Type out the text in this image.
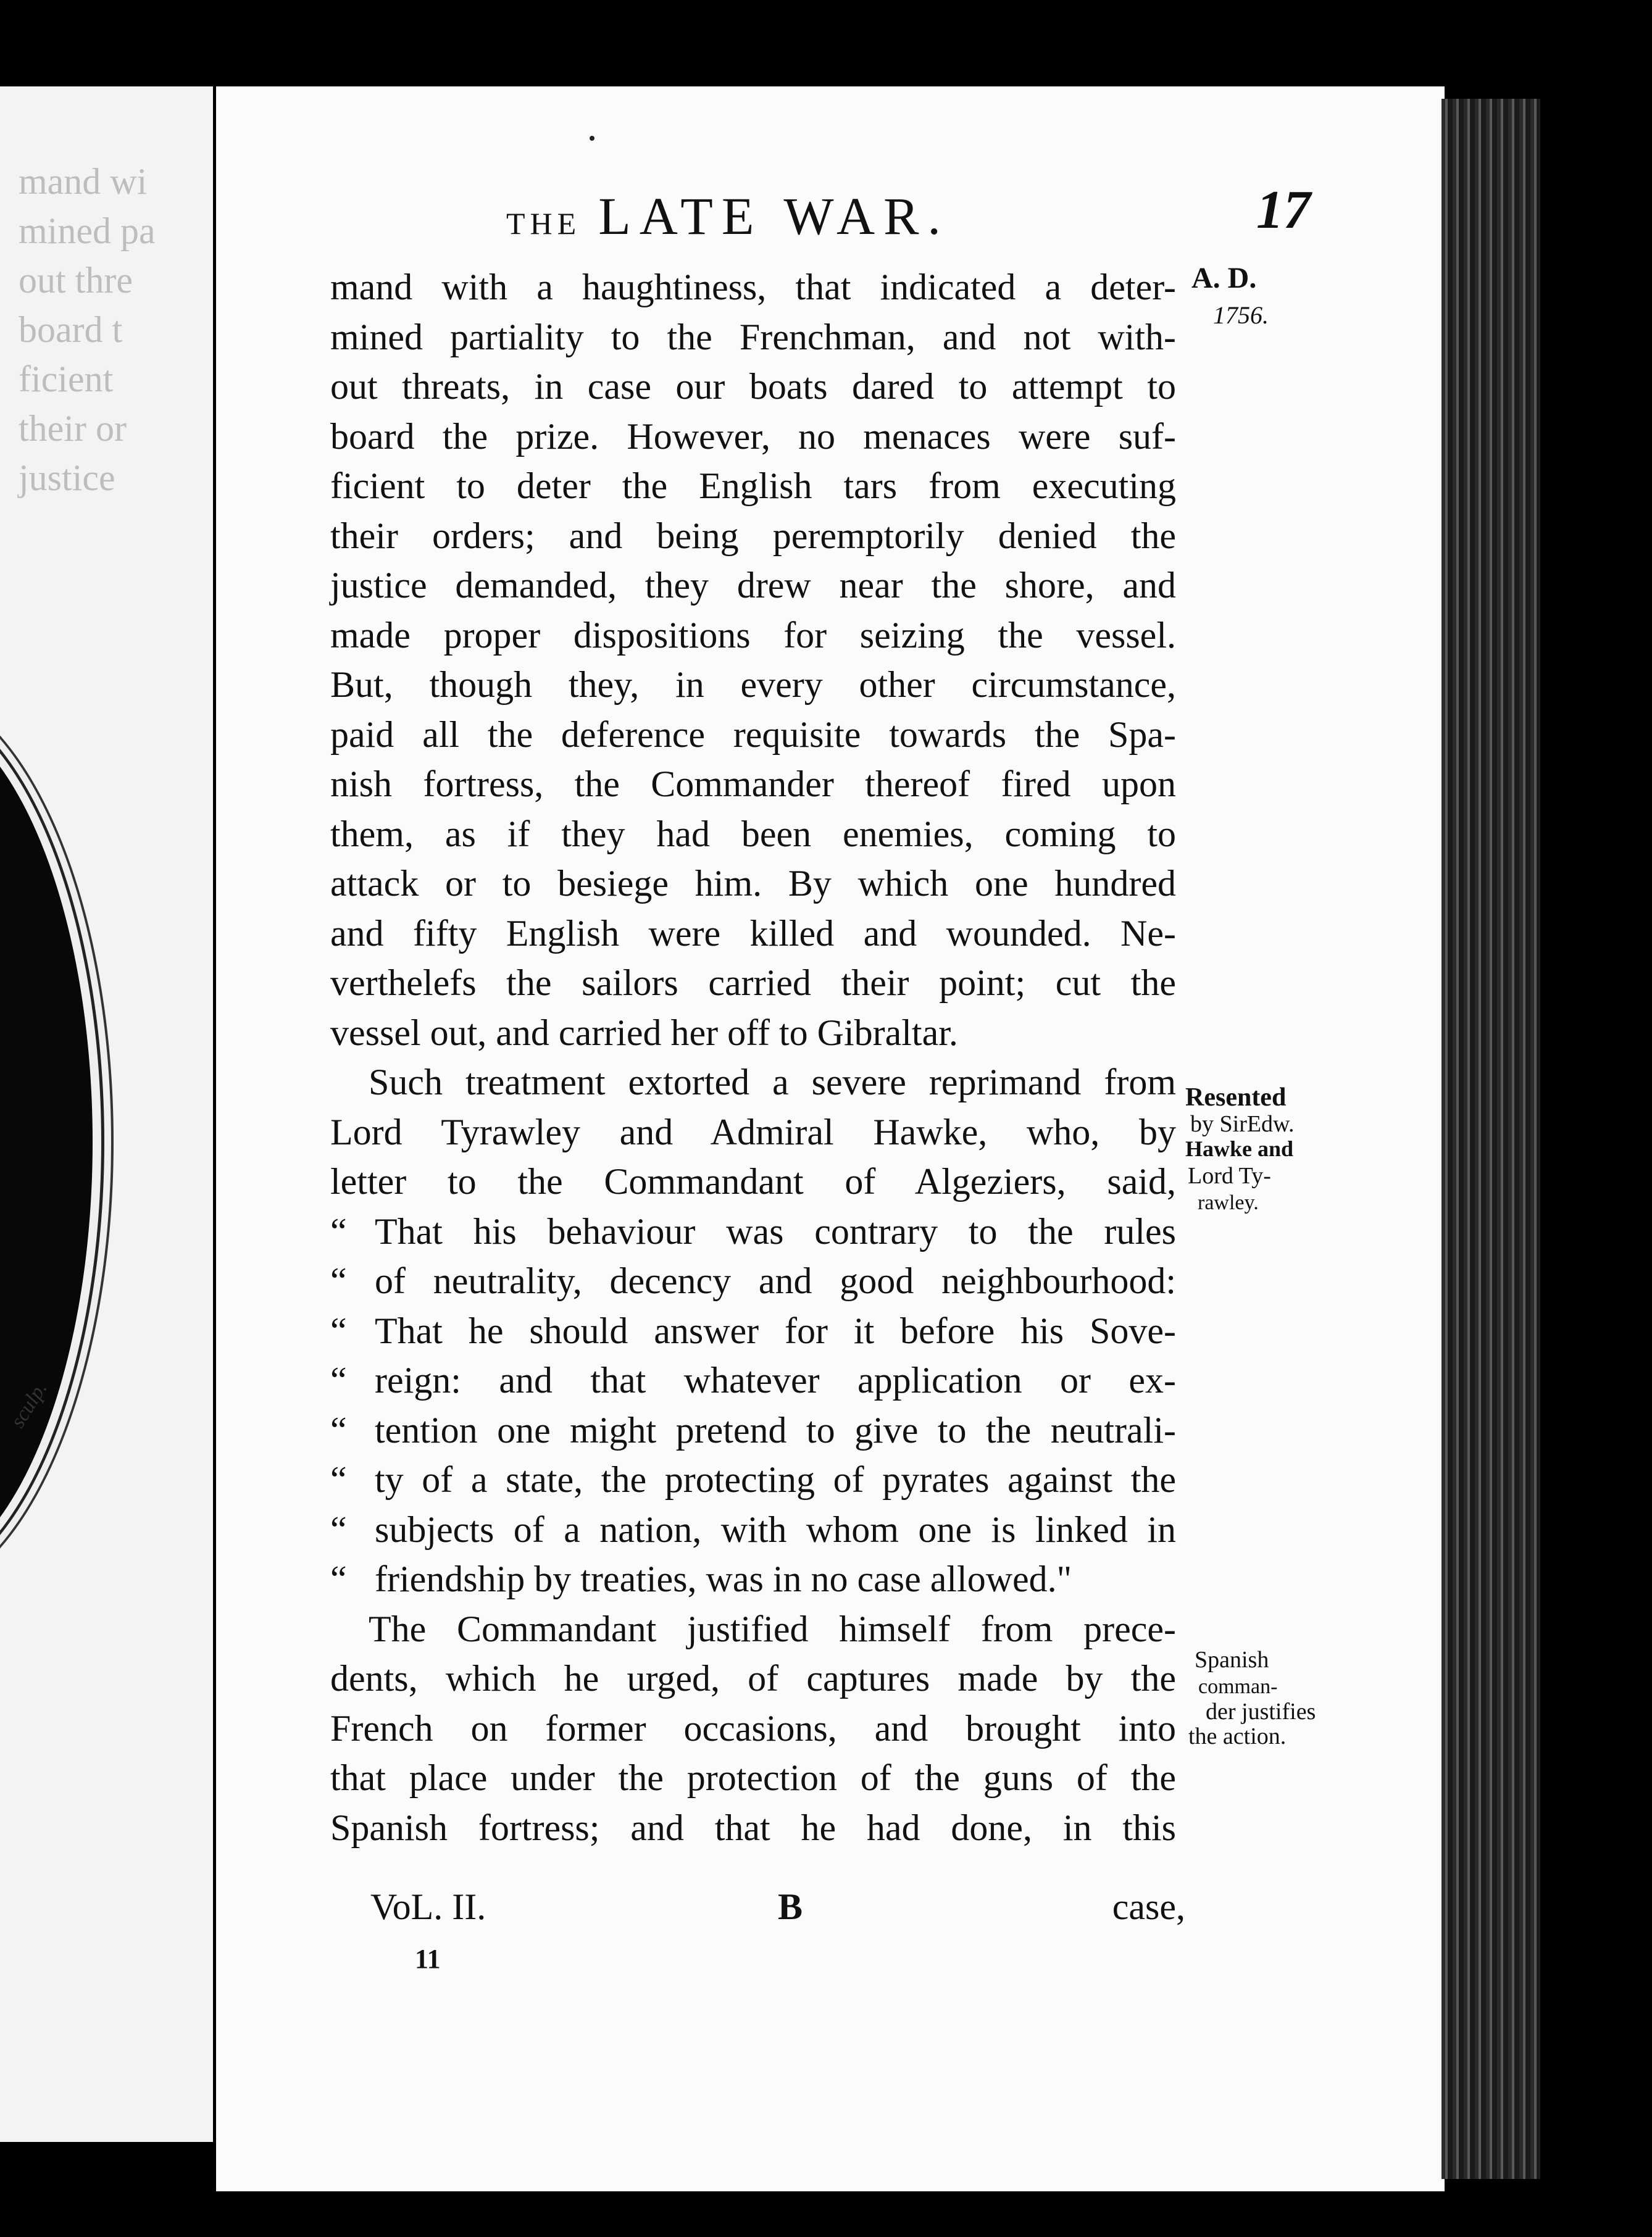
mand wi
mined pa
out thre
board t
ficient
their or
justice
sculp.
THE LATE WAR.	17
A. D.
1756.
Resented
by SirEdw.
Hawke and
Lord Ty-
rawley.
Spanish
comman-
der justifies
the action.
mand with a haughtiness, that indicated a deter-
mined partiality to the Frenchman, and not with-
out threats, in case our boats dared to attempt to
board the prize. However, no menaces were suf-
ficient to deter the English tars from executing
their orders; and being peremptorily denied the
justice demanded, they drew near the shore, and
made proper dispositions for seizing the vessel.
But, though they, in every other circumstance,
paid all the deference requisite towards the Spa-
nish fortress, the Commander thereof fired upon
them, as if they had been enemies, coming to
attack or to besiege him. By which one hundred
and fifty English were killed and wounded. Ne-
verthelefs the sailors carried their point; cut the
vessel out, and carried her off to Gibraltar.
Such treatment extorted a severe reprimand from
Lord Tyrawley and Admiral Hawke, who, by
letter to the Commandant of Algeziers, said,
“ That his behaviour was contrary to the rules
“ of neutrality, decency and good neighbourhood:
“ That he should answer for it before his Sove-
“ reign: and that whatever application or ex-
“ tention one might pretend to give to the neutrali-
“ ty of a state, the protecting of pyrates against the
“ subjects of a nation, with whom one is linked in
“ friendship by treaties, was in no case allowed."
The Commandant justified himself from prece-
dents, which he urged, of captures made by the
French on former occasions, and brought into
that place under the protection of the guns of the
Spanish fortress; and that he had done, in this
VoL. II.	B	case,
11
